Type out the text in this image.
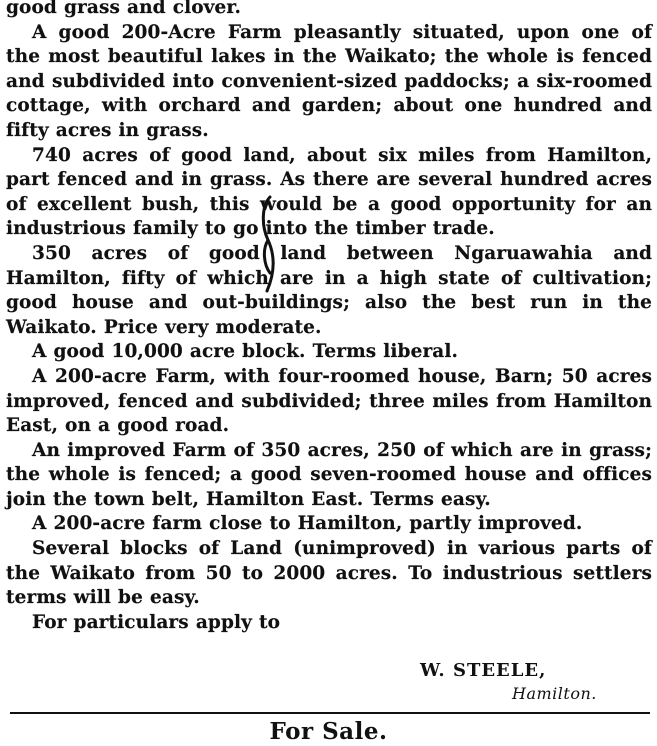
good grass and clover.

A good 200-Acre Farm pleasantly situated, upon one of the most beautiful lakes in the Waikato; the whole is fenced and subdivided into convenient-sized paddocks; a six-roomed cottage, with orchard and garden; about one hundred and fifty acres in grass.

740 acres of good land, about six miles from Hamilton, part fenced and in grass. As there are several hundred acres of excellent bush, this would be a good opportunity for an industrious family to go into the timber trade.

350 acres of good land between Ngaruawahia and Hamilton, fifty of which are in a high state of cultivation; good house and out-buildings; also the best run in the Waikato. Price very moderate.

A good 10,000 acre block. Terms liberal.

A 200-acre Farm, with four-roomed house, Barn; 50 acres improved, fenced and subdivided; three miles from Hamilton East, on a good road.

An improved Farm of 350 acres, 250 of which are in grass; the whole is fenced; a good seven-roomed house and offices join the town belt, Hamilton East. Terms easy.

A 200-acre farm close to Hamilton, partly improved.

Several blocks of Land (unimproved) in various parts of the Waikato from 50 to 2000 acres. To industrious settlers terms will be easy.

For particulars apply to

W. STEELE,
Hamilton.
For Sale.
